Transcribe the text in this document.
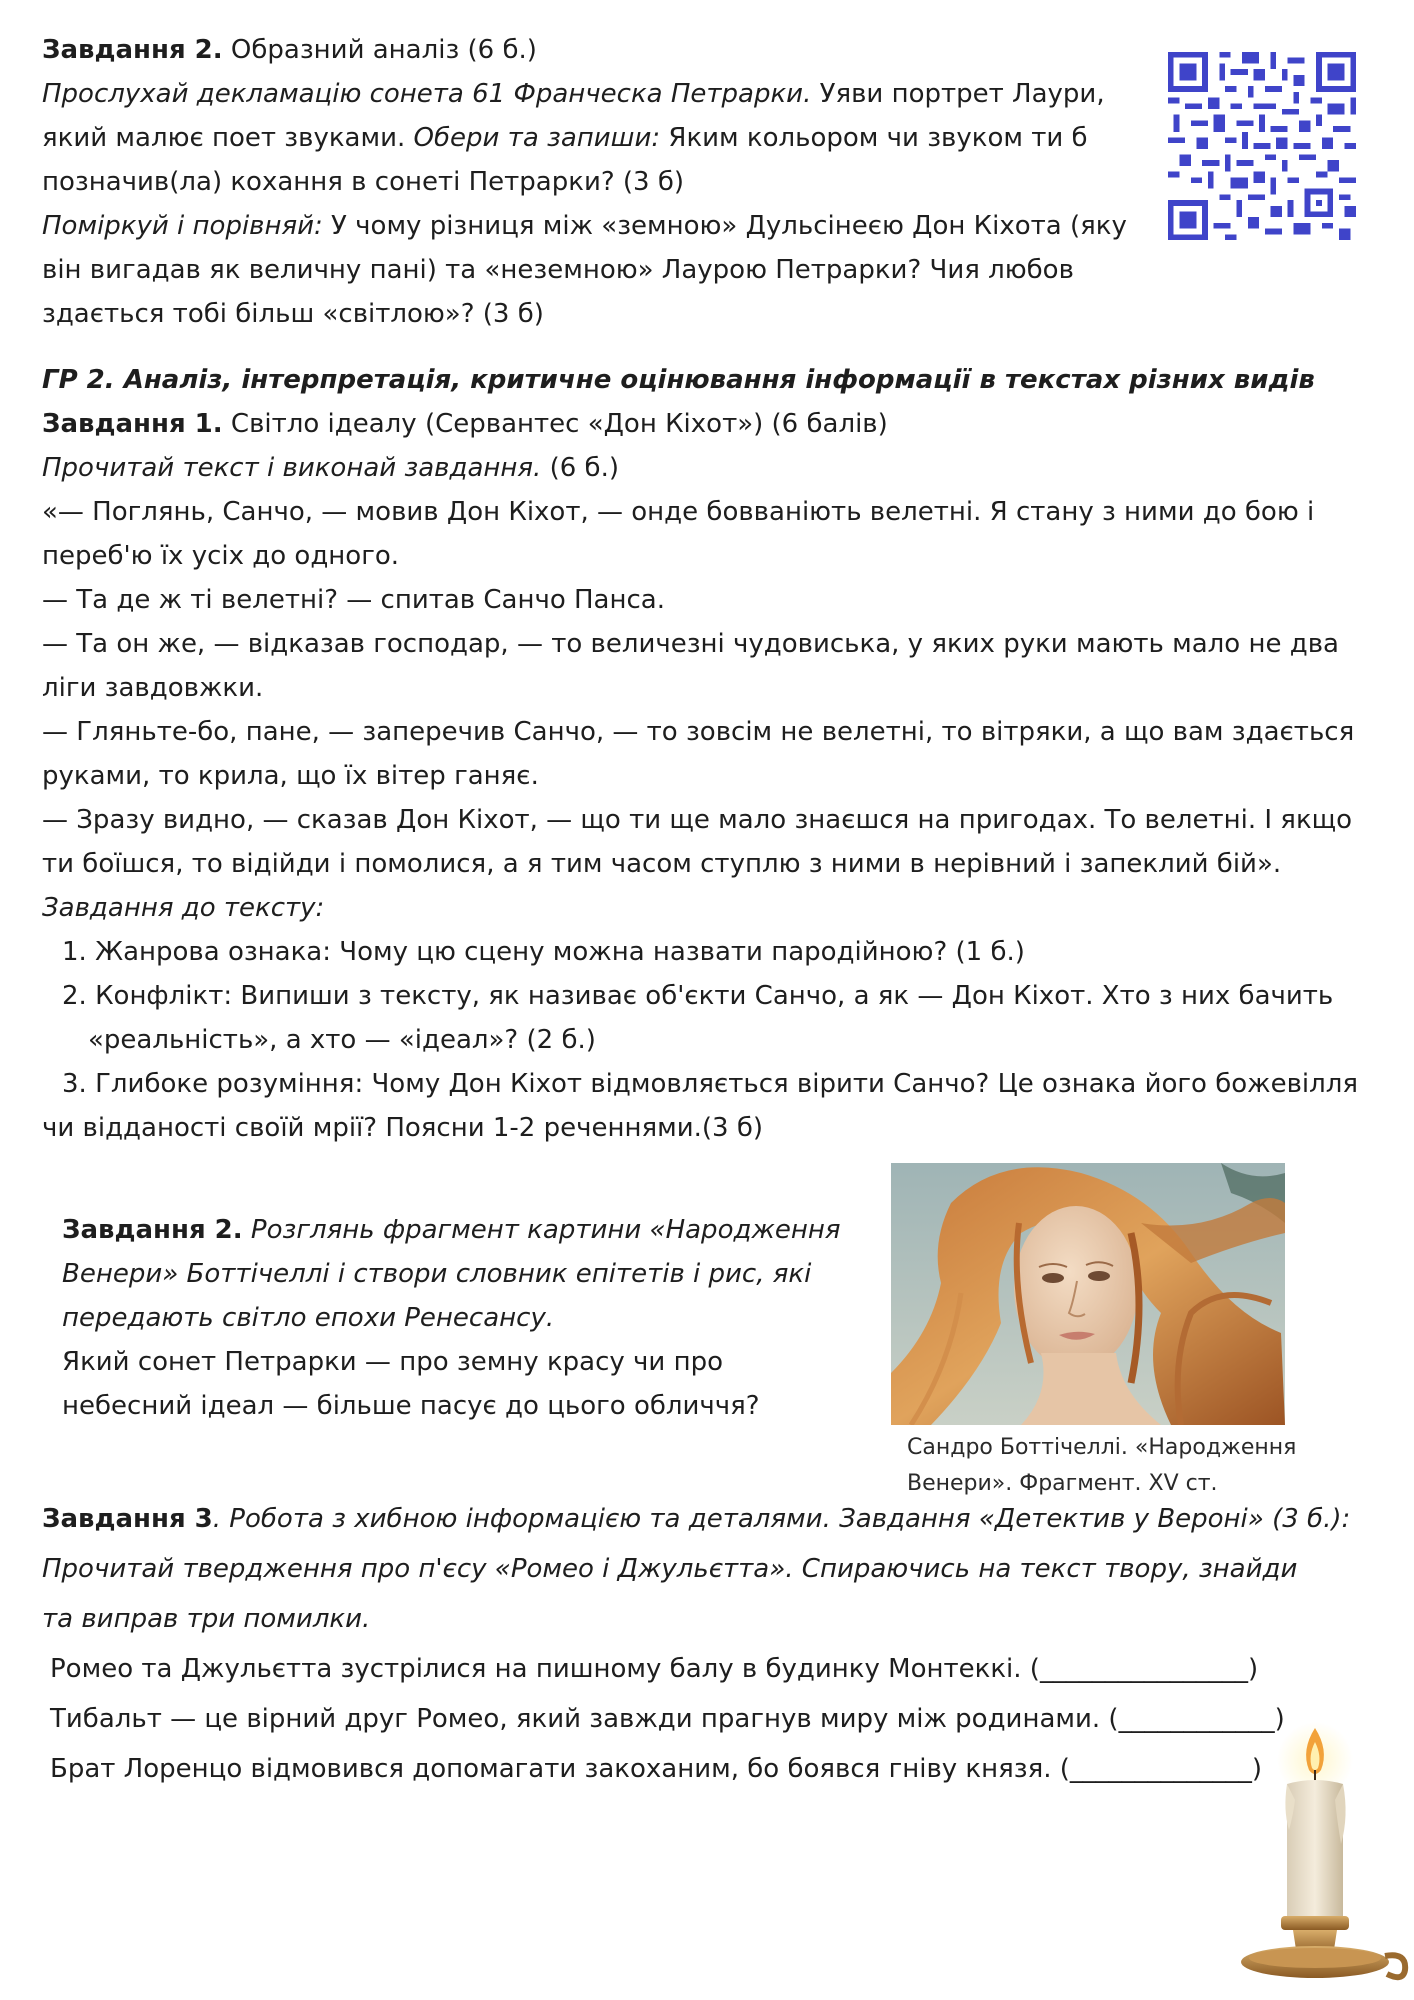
Завдання 2. Образний аналіз (6 б.)
Прослухай декламацію сонета 61 Франческа Петрарки. Уяви портрет Лаури,
який малює поет звуками. Обери та запиши: Яким кольором чи звуком ти б
позначив(ла) кохання в сонеті Петрарки? (3 б)
Поміркуй і порівняй: У чому різниця між «земною» Дульсінеєю Дон Кіхота (яку
він вигадав як величну пані) та «неземною» Лаурою Петрарки? Чия любов
здається тобі більш «світлою»? (3 б)
ГР 2. Аналіз, інтерпретація, критичне оцінювання інформації в текстах різних видів
Завдання 1. Світло ідеалу (Сервантес «Дон Кіхот») (6 балів)
Прочитай текст і виконай завдання. (6 б.)
«— Поглянь, Санчо, — мовив Дон Кіхот, — онде бовваніють велетні. Я стану з ними до бою і
переб'ю їх усіх до одного.
— Та де ж ті велетні? — спитав Санчо Панса.
— Та он же, — відказав господар, — то величезні чудовиська, у яких руки мають мало не два
ліги завдовжки.
— Гляньте-бо, пане, — заперечив Санчо, — то зовсім не велетні, то вітряки, а що вам здається
руками, то крила, що їх вітер ганяє.
— Зразу видно, — сказав Дон Кіхот, — що ти ще мало знаєшся на пригодах. То велетні. І якщо
ти боїшся, то відійди і помолися, а я тим часом ступлю з ними в нерівний і запеклий бій».
Завдання до тексту:
1. Жанрова ознака: Чому цю сцену можна назвати пародійною? (1 б.)
2. Конфлікт: Випиши з тексту, як називає об'єкти Санчо, а як — Дон Кіхот. Хто з них бачить
«реальність», а хто — «ідеал»? (2 б.)
3. Глибоке розуміння: Чому Дон Кіхот відмовляється вірити Санчо? Це ознака його божевілля
чи відданості своїй мрії? Поясни 1-2 реченнями.(3 б)
Завдання 2. Розглянь фрагмент картини «Народження
Венери» Боттічеллі і створи словник епітетів і рис, які
передають світло епохи Ренесансу.
Який сонет Петрарки — про земну красу чи про
небесний ідеал — більше пасує до цього обличчя?
Сандро Боттічеллі. «Народження
Венери». Фрагмент. XV ст.
Завдання 3. Робота з хибною інформацією та деталями. Завдання «Детектив у Вероні» (3 б.):
Прочитай твердження про п'єсу «Ромео і Джульєтта». Спираючись на текст твору, знайди
та виправ три помилки.
Ромео та Джульєтта зустрілися на пишному балу в будинку Монтеккі. (________________)
Тибальт — це вірний друг Ромео, який завжди прагнув миру між родинами. (____________)
Брат Лоренцо відмовився допомагати закоханим, бо боявся гніву князя. (______________)
